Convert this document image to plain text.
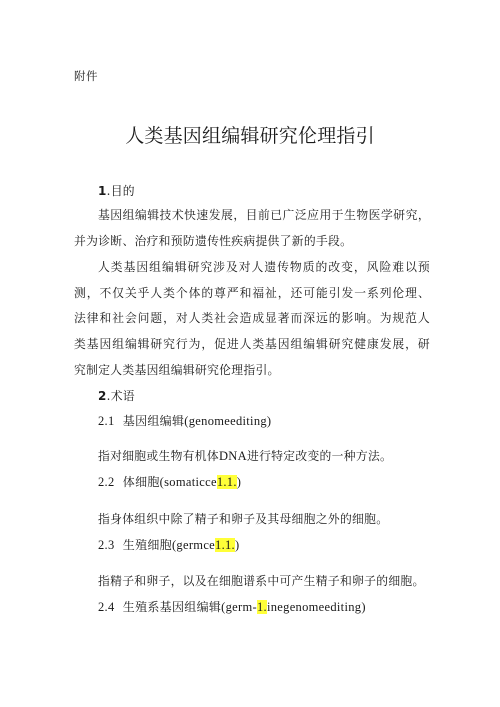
附件
人类基因组编辑研究伦理指引
1.目的
基因组编辑技术快速发展，目前已广泛应用于生物医学研究，
并为诊断、治疗和预防遗传性疾病提供了新的手段。
人类基因组编辑研究涉及对人遗传物质的改变，风险难以预
测，不仅关乎人类个体的尊严和福祉，还可能引发一系列伦理、
法律和社会问题，对人类社会造成显著而深远的影响。为规范人
类基因组编辑研究行为，促进人类基因组编辑研究健康发展，研
究制定人类基因组编辑研究伦理指引。
2.术语
2.1 基因组编辑(genomeediting)
指对细胞或生物有机体DNA进行特定改变的一种方法。
2.2 体细胞(somaticce1.1.)
指身体组织中除了精子和卵子及其母细胞之外的细胞。
2.3 生殖细胞(germce1.1.)
指精子和卵子，以及在细胞谱系中可产生精子和卵子的细胞。
2.4 生殖系基因组编辑(germ-1.inegenomeediting)
